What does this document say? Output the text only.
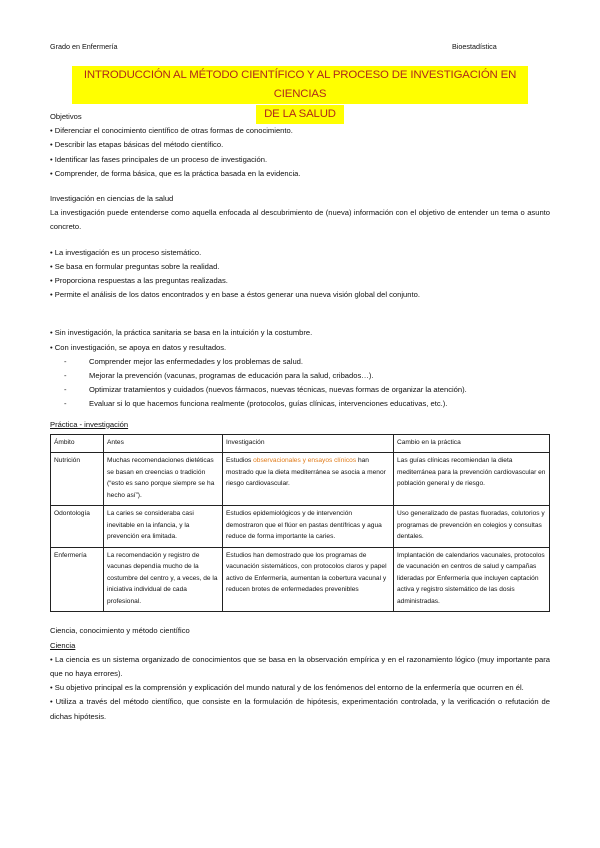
Grado en Enfermería	Bioestadística
INTRODUCCIÓN AL MÉTODO CIENTÍFICO Y AL PROCESO DE INVESTIGACIÓN EN CIENCIAS
DE LA SALUD

Objetivos

• Diferenciar el conocimiento científico de otras formas de conocimiento.

• Describir las etapas básicas del método científico.

• Identificar las fases principales de un proceso de investigación.

• Comprender, de forma básica, que es la práctica basada en la evidencia.

Investigación en ciencias de la salud

La investigación puede entenderse como aquella enfocada al descubrimiento de (nueva) información con el objetivo de entender un tema o asunto concreto.

• La investigación es un proceso sistemático.

• Se basa en formular preguntas sobre la realidad.

• Proporciona respuestas a las preguntas realizadas.

• Permite el análisis de los datos encontrados y en base a éstos generar una nueva visión global del conjunto.

• Sin investigación, la práctica sanitaria se basa en la intuición y la costumbre.

• Con investigación, se apoya en datos y resultados.

- Comprender mejor las enfermedades y los problemas de salud.

- Mejorar la prevención (vacunas, programas de educación para la salud, cribados…).

- Optimizar tratamientos y cuidados (nuevos fármacos, nuevas técnicas, nuevas formas de organizar la atención).

- Evaluar si lo que hacemos funciona realmente (protocolos, guías clínicas, intervenciones educativas, etc.).

Práctica - investigación

Ámbito	Antes	Investigación	Cambio en la práctica
Nutrición	Muchas recomendaciones dietéticas se basan en creencias o tradición (“esto es sano porque siempre se ha hecho así”).	Estudios observacionales y ensayos clínicos han mostrado que la dieta mediterránea se asocia a menor riesgo cardiovascular.	Las guías clínicas recomiendan la dieta mediterránea para la prevención cardiovascular en población general y de riesgo.
Odontología	La caries se consideraba casi inevitable en la infancia, y la prevención era limitada.	Estudios epidemiológicos y de intervención demostraron que el flúor en pastas dentífricas y agua reduce de forma importante la caries.	Uso generalizado de pastas fluoradas, colutorios y programas de prevención en colegios y consultas dentales.
Enfermería	La recomendación y registro de vacunas dependía mucho de la costumbre del centro y, a veces, de la iniciativa individual de cada profesional.	Estudios han demostrado que los programas de vacunación sistemáticos, con protocolos claros y papel activo de Enfermería, aumentan la cobertura vacunal y reducen brotes de enfermedades prevenibles	Implantación de calendarios vacunales, protocolos de vacunación en centros de salud y campañas lideradas por Enfermería que incluyen captación activa y registro sistemático de las dosis administradas.

Ciencia, conocimiento y método científico

Ciencia

• La ciencia es un sistema organizado de conocimientos que se basa en la observación empírica y en el razonamiento lógico (muy importante para que no haya errores).

• Su objetivo principal es la comprensión y explicación del mundo natural y de los fenómenos del entorno de la enfermería que ocurren en él.

• Utiliza a través del método científico, que consiste en la formulación de hipótesis, experimentación controlada, y la verificación o refutación de dichas hipótesis.
